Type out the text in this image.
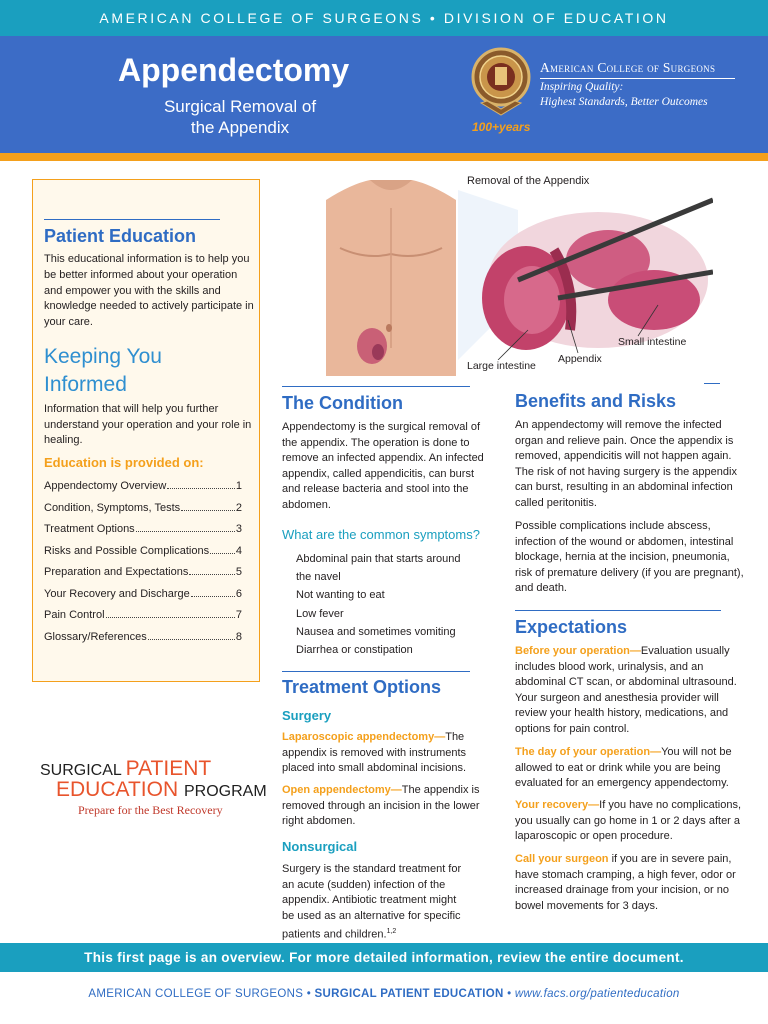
AMERICAN COLLEGE OF SURGEONS • DIVISION OF EDUCATION
Appendectomy
Surgical Removal of the Appendix	100+years
American College of Surgeons
Inspiring Quality:
Highest Standards, Better Outcomes
Patient Education
This educational information is to help you be better informed about your operation and empower you with the skills and knowledge needed to actively participate in your care.
Keeping You Informed
Information that will help you further understand your operation and your role in healing.
Education is provided on:
Appendectomy Overview	1
Condition, Symptoms, Tests	2
Treatment Options	3
Risks and Possible Complications 4
Preparation and Expectations	5
Your Recovery and Discharge	6
Pain Control	7
Glossary/References	8
SURGICAL PATIENT
EDUCATION PROGRAM
Prepare for the Best Recovery
Removal of the Appendix
Large intestine
Appendix
Small intestine
The Condition
Appendectomy is the surgical removal of the appendix. The operation is done to remove an infected appendix. An infected appendix, called appendicitis, can burst and release bacteria and stool into the abdomen.
What are the common symptoms?
Abdominal pain that starts around the navel
Not wanting to eat
Low fever
Nausea and sometimes vomiting
Diarrhea or constipation
Treatment Options
Surgery
Laparoscopic appendectomy—The appendix is removed with instruments placed into small abdominal incisions.
Open appendectomy—The appendix is removed through an incision in the lower right abdomen.
Nonsurgical
Surgery is the standard treatment for an acute (sudden) infection of the appendix. Antibiotic treatment might be used as an alternative for specific patients and children.$^{1,2}$
Benefits and Risks
An appendectomy will remove the infected organ and relieve pain. Once the appendix is removed, appendicitis will not happen again. The risk of not having surgery is the appendix can burst, resulting in an abdominal infection called peritonitis.
Possible complications include abscess, infection of the wound or abdomen, intestinal blockage, hernia at the incision, pneumonia, risk of premature delivery (if you are pregnant), and death.
Expectations
Before your operation—Evaluation usually includes blood work, urinalysis, and an abdominal CT scan, or abdominal ultrasound. Your surgeon and anesthesia provider will review your health history, medications, and options for pain control.
The day of your operation—You will not be allowed to eat or drink while you are being evaluated for an emergency appendectomy.
Your recovery—If you have no complications, you usually can go home in 1 or 2 days after a laparoscopic or open procedure.
Call your surgeon if you are in severe pain, have stomach cramping, a high fever, odor or increased drainage from your incision, or no bowel movements for 3 days.
This first page is an overview. For more detailed information, review the entire document.
AMERICAN COLLEGE OF SURGEONS • SURGICAL PATIENT EDUCATION • www.facs.org/patienteducation
